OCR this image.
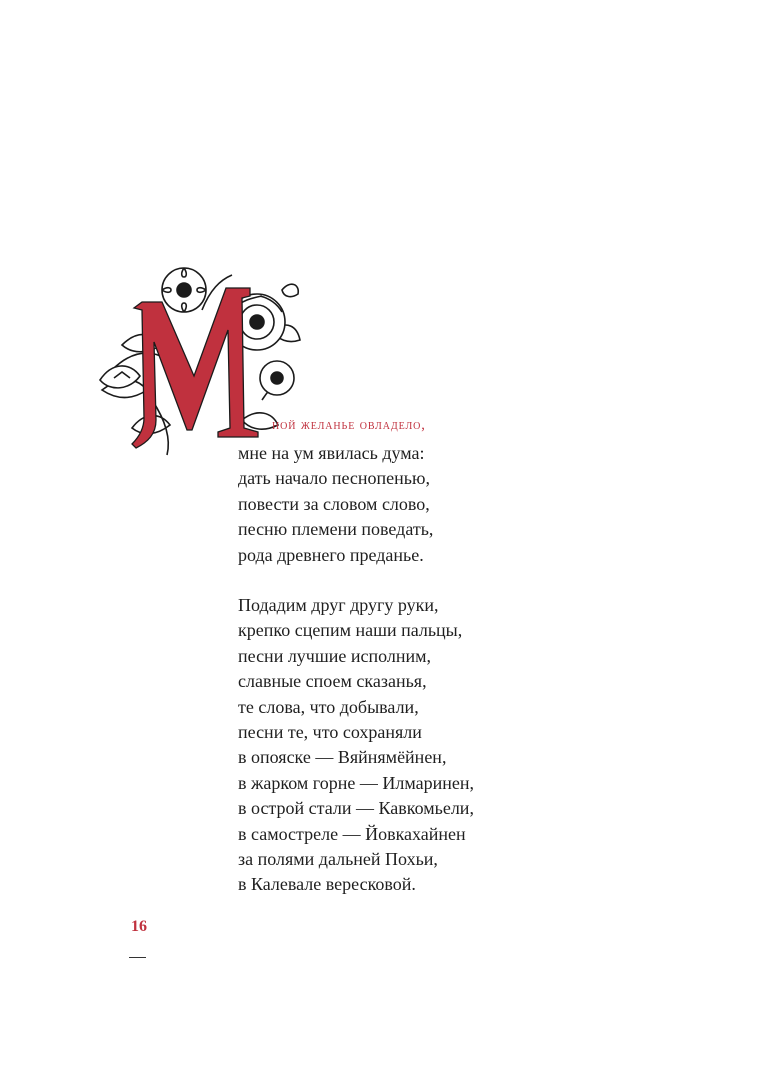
ной желанье овладело,
мне на ум явилась дума:
дать начало песнопенью,
повести за словом слово,
песню племени поведать,
рода древнего преданье.
Подадим друг другу руки,
крепко сцепим наши пальцы,
песни лучшие исполним,
славные споем сказанья,
те слова, что добывали,
песни те, что сохраняли
в опояске — Вяйнямёйнен,
в жарком горне — Илмаринен,
в острой стали — Кавкомьели,
в самостреле — Йовкахайнен
за полями дальней Похьи,
в Калевале вересковой.
16
